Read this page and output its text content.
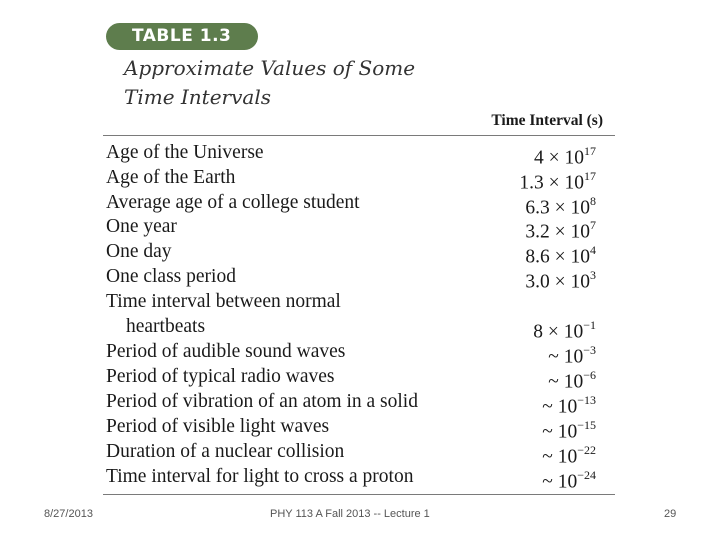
TABLE 1.3
Approximate Values of Some
Time Intervals
Time Interval (s)
Age of the Universe	$4 \times 10^{17}$
Age of the Earth	$1.3 \times 10^{17}$
Average age of a college student	$6.3 \times 10^8$
One year	$3.2 \times 10^7$
One day	$8.6 \times 10^4$
One class period	$3.0 \times 10^3$
Time interval between normal
heartbeats	$8 \times 10^{-1}$
Period of audible sound waves	~ $10^{-3}$
Period of typical radio waves	~ $10^{-6}$
Period of vibration of an atom in a solid	~ $10^{-13}$
Period of visible light waves	~ $10^{-15}$
Duration of a nuclear collision	~ $10^{-22}$
Time interval for light to cross a proton	~ $10^{-24}$
8/27/2013	PHY 113 A Fall 2013 -- Lecture 1	29
